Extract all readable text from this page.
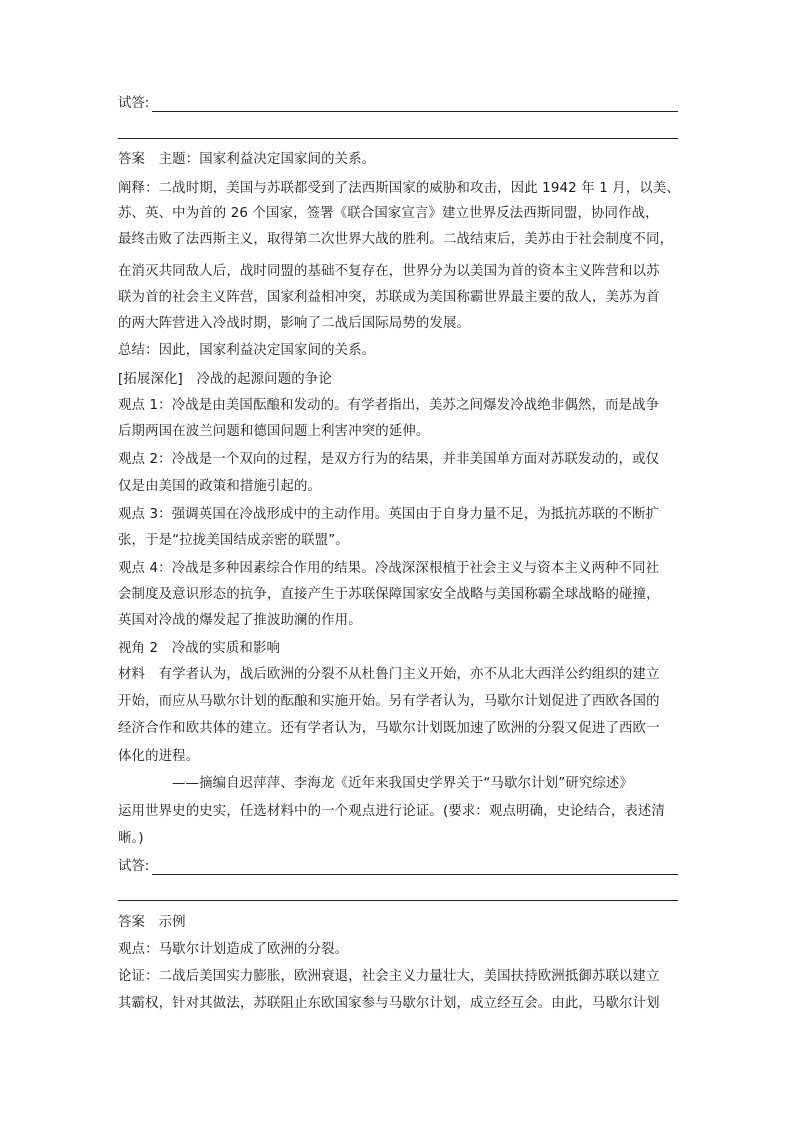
试答:
答案　主题：国家利益决定国家间的关系。
阐释：二战时期，美国与苏联都受到了法西斯国家的威胁和攻击，因此 1942 年 1 月，以美、
苏、英、中为首的 26 个国家，签署《联合国家宣言》建立世界反法西斯同盟，协同作战，
最终击败了法西斯主义，取得第二次世界大战的胜利。二战结束后，美苏由于社会制度不同，
在消灭共同敌人后，战时同盟的基础不复存在，世界分为以美国为首的资本主义阵营和以苏
联为首的社会主义阵营，国家利益相冲突，苏联成为美国称霸世界最主要的敌人，美苏为首
的两大阵营进入冷战时期，影响了二战后国际局势的发展。
总结：因此，国家利益决定国家间的关系。
[拓展深化]　冷战的起源问题的争论
观点 1：冷战是由美国酝酿和发动的。有学者指出，美苏之间爆发冷战绝非偶然，而是战争
后期两国在波兰问题和德国问题上利害冲突的延伸。
观点 2：冷战是一个双向的过程，是双方行为的结果，并非美国单方面对苏联发动的，或仅
仅是由美国的政策和措施引起的。
观点 3：强调英国在冷战形成中的主动作用。英国由于自身力量不足，为抵抗苏联的不断扩
张，于是“拉拢美国结成亲密的联盟”。
观点 4：冷战是多种因素综合作用的结果。冷战深深根植于社会主义与资本主义两种不同社
会制度及意识形态的抗争，直接产生于苏联保障国家安全战略与美国称霸全球战略的碰撞，
英国对冷战的爆发起了推波助澜的作用。
视角 2　冷战的实质和影响
材料　有学者认为，战后欧洲的分裂不从杜鲁门主义开始，亦不从北大西洋公约组织的建立
开始，而应从马歇尔计划的酝酿和实施开始。另有学者认为，马歇尔计划促进了西欧各国的
经济合作和欧共体的建立。还有学者认为，马歇尔计划既加速了欧洲的分裂又促进了西欧一
体化的进程。
——摘编自迟萍萍、李海龙《近年来我国史学界关于“马歇尔计划”研究综述》
运用世界史的史实，任选材料中的一个观点进行论证。(要求：观点明确，史论结合，表述清
晰。)
试答:
答案　示例
观点：马歇尔计划造成了欧洲的分裂。
论证：二战后美国实力膨胀，欧洲衰退，社会主义力量壮大，美国扶持欧洲抵御苏联以建立
其霸权，针对其做法，苏联阻止东欧国家参与马歇尔计划，成立经互会。由此，马歇尔计划
